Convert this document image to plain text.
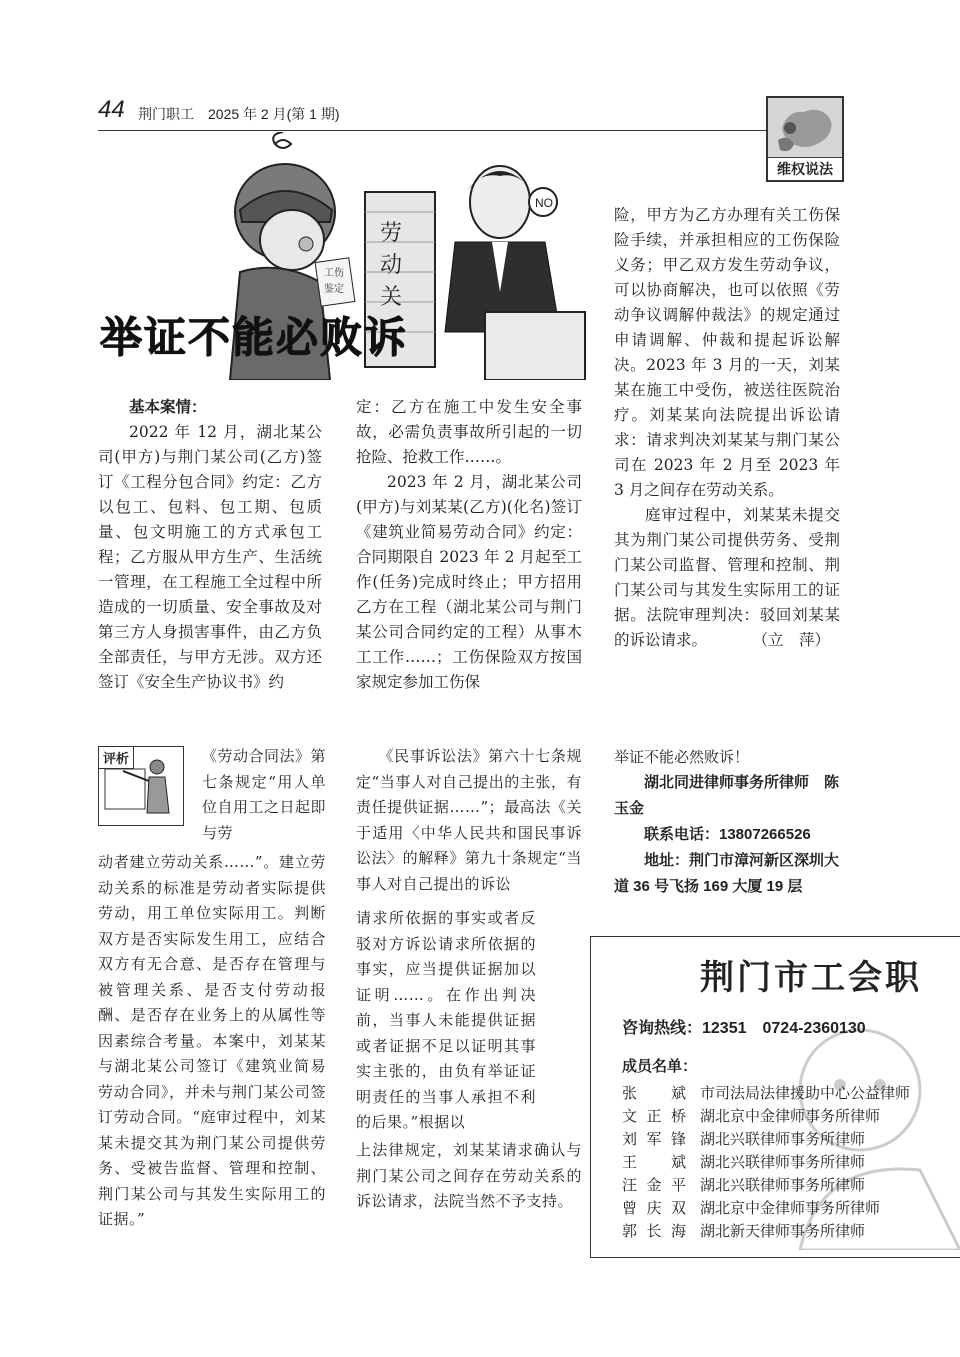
44 荆门职工　2025 年 2 月(第 1 期)
维权说法
工伤
鉴定
劳
动
关
NO
举证不能必败诉

基本案情：

2022 年 12 月，湖北某公司(甲方)与荆门某公司(乙方)签订《工程分包合同》约定：乙方以包工、包料、包工期、包质量、包文明施工的方式承包工程；乙方服从甲方生产、生活统一管理，在工程施工全过程中所造成的一切质量、安全事故及对第三方人身损害事件，由乙方负全部责任，与甲方无涉。双方还签订《安全生产协议书》约

定：乙方在施工中发生安全事故，必需负责事故所引起的一切抢险、抢救工作……。

2023 年 2 月，湖北某公司(甲方)与刘某某(乙方)(化名)签订《建筑业简易劳动合同》约定：合同期限自 2023 年 2 月起至工作(任务)完成时终止；甲方招用乙方在工程（湖北某公司与荆门某公司合同约定的工程）从事木工工作……；工伤保险双方按国家规定参加工伤保

险，甲方为乙方办理有关工伤保险手续，并承担相应的工伤保险义务；甲乙双方发生劳动争议，可以协商解决，也可以依照《劳动争议调解仲裁法》的规定通过申请调解、仲裁和提起诉讼解决。2023 年 3 月的一天，刘某某在施工中受伤，被送往医院治疗。刘某某向法院提出诉讼请求：请求判决刘某某与荆门某公司在 2023 年 2 月至 2023 年 3 月之间存在劳动关系。

庭审过程中，刘某某未提交其为荆门某公司提供劳务、受荆门某公司监督、管理和控制、荆门某公司与其发生实际用工的证据。法院审理判决：驳回刘某某的诉讼请求。	（立　萍）

评析	《劳动合同法》第七条规定“用人单位自用工之日起即与劳
动者建立劳动关系……”。建立劳动关系的标准是劳动者实际提供劳动，用工单位实际用工。判断双方是否实际发生用工，应结合双方有无合意、是否存在管理与被管理关系、是否支付劳动报酬、是否存在业务上的从属性等因素综合考量。本案中，刘某某与湖北某公司签订《建筑业简易劳动合同》，并未与荆门某公司签订劳动合同。“庭审过程中，刘某某未提交其为荆门某公司提供劳务、受被告监督、管理和控制、荆门某公司与其发生实际用工的证据。”
《民事诉讼法》第六十七条规定“当事人对自己提出的主张，有责任提供证据……”；最高法《关于适用〈中华人民共和国民事诉讼法〉的解释》第九十条规定“当事人对自己提出的诉讼
请求所依据的事实或者反驳对方诉讼请求所依据的事实，应当提供证据加以证明……。在作出判决前，当事人未能提供证据或者证据不足以证明其事实主张的，由负有举证证明责任的当事人承担不利的后果。”根据以
上法律规定，刘某某请求确认与荆门某公司之间存在劳动关系的诉讼请求，法院当然不予支持。
举证不能必然败诉！
湖北同进律师事务所律师　陈玉金
联系电话：13807266526
地址：荆门市漳河新区深圳大道 36 号飞扬 169 大厦 19 层
荆门市工会职
咨询热线：12351　0724-2360130
成员名单：
张斌 市司法局法律援助中心公益律师
文正桥 湖北京中金律师事务所律师
刘军锋 湖北兴联律师事务所律师
王斌 湖北兴联律师事务所律师
汪金平 湖北兴联律师事务所律师
曾庆双 湖北京中金律师事务所律师
郭长海 湖北新天律师事务所律师
